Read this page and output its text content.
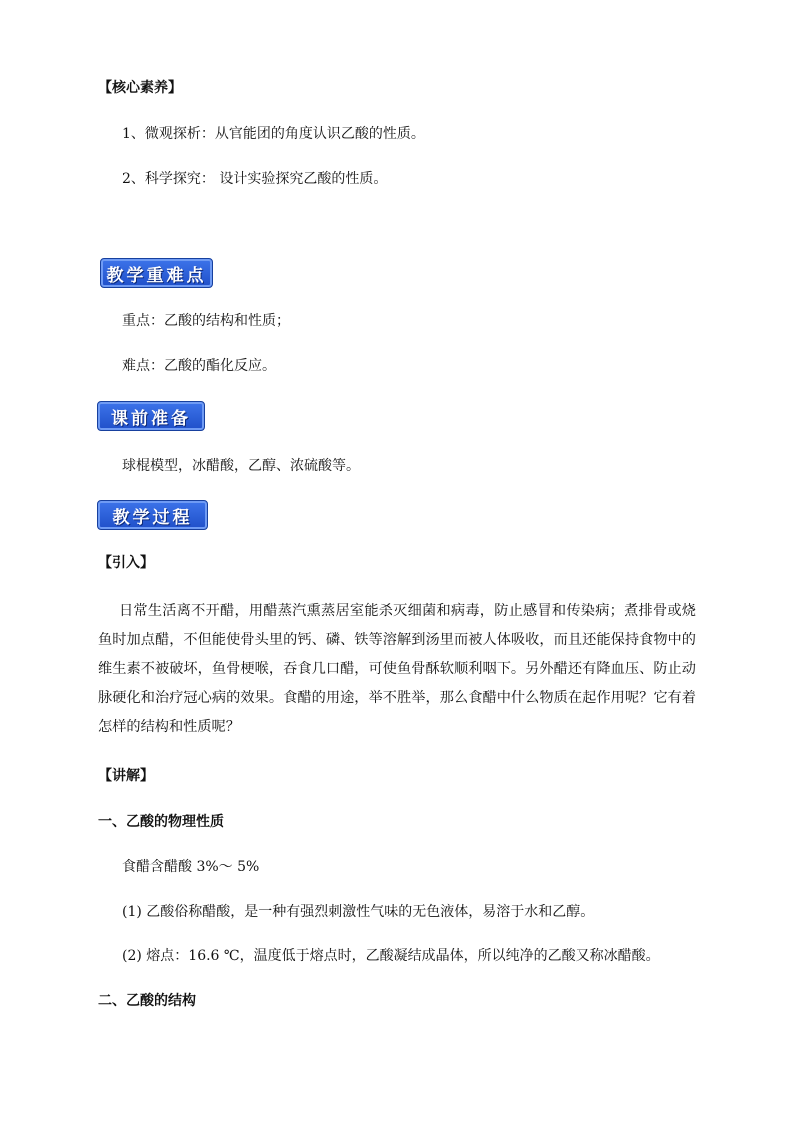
【核心素养】
1、微观探析：从官能团的角度认识乙酸的性质。
2、科学探究： 设计实验探究乙酸的性质。
教学重难点
重点：乙酸的结构和性质；
难点：乙酸的酯化反应。
课前准备
球棍模型，冰醋酸，乙醇、浓硫酸等。
教学过程
【引入】
日常生活离不开醋，用醋蒸汽熏蒸居室能杀灭细菌和病毒，防止感冒和传染病；煮排骨或烧鱼时加点醋，不但能使骨头里的钙、磷、铁等溶解到汤里而被人体吸收，而且还能保持食物中的维生素不被破坏，鱼骨梗喉，吞食几口醋，可使鱼骨酥软顺利咽下。另外醋还有降血压、防止动脉硬化和治疗冠心病的效果。食醋的用途，举不胜举，那么食醋中什么物质在起作用呢？它有着怎样的结构和性质呢？
【讲解】
一、乙酸的物理性质
食醋含醋酸 3%～ 5%
(1) 乙酸俗称醋酸，是一种有强烈刺激性气味的无色液体，易溶于水和乙醇。
(2) 熔点：16.6 ℃，温度低于熔点时，乙酸凝结成晶体，所以纯净的乙酸又称冰醋酸。
二、乙酸的结构
